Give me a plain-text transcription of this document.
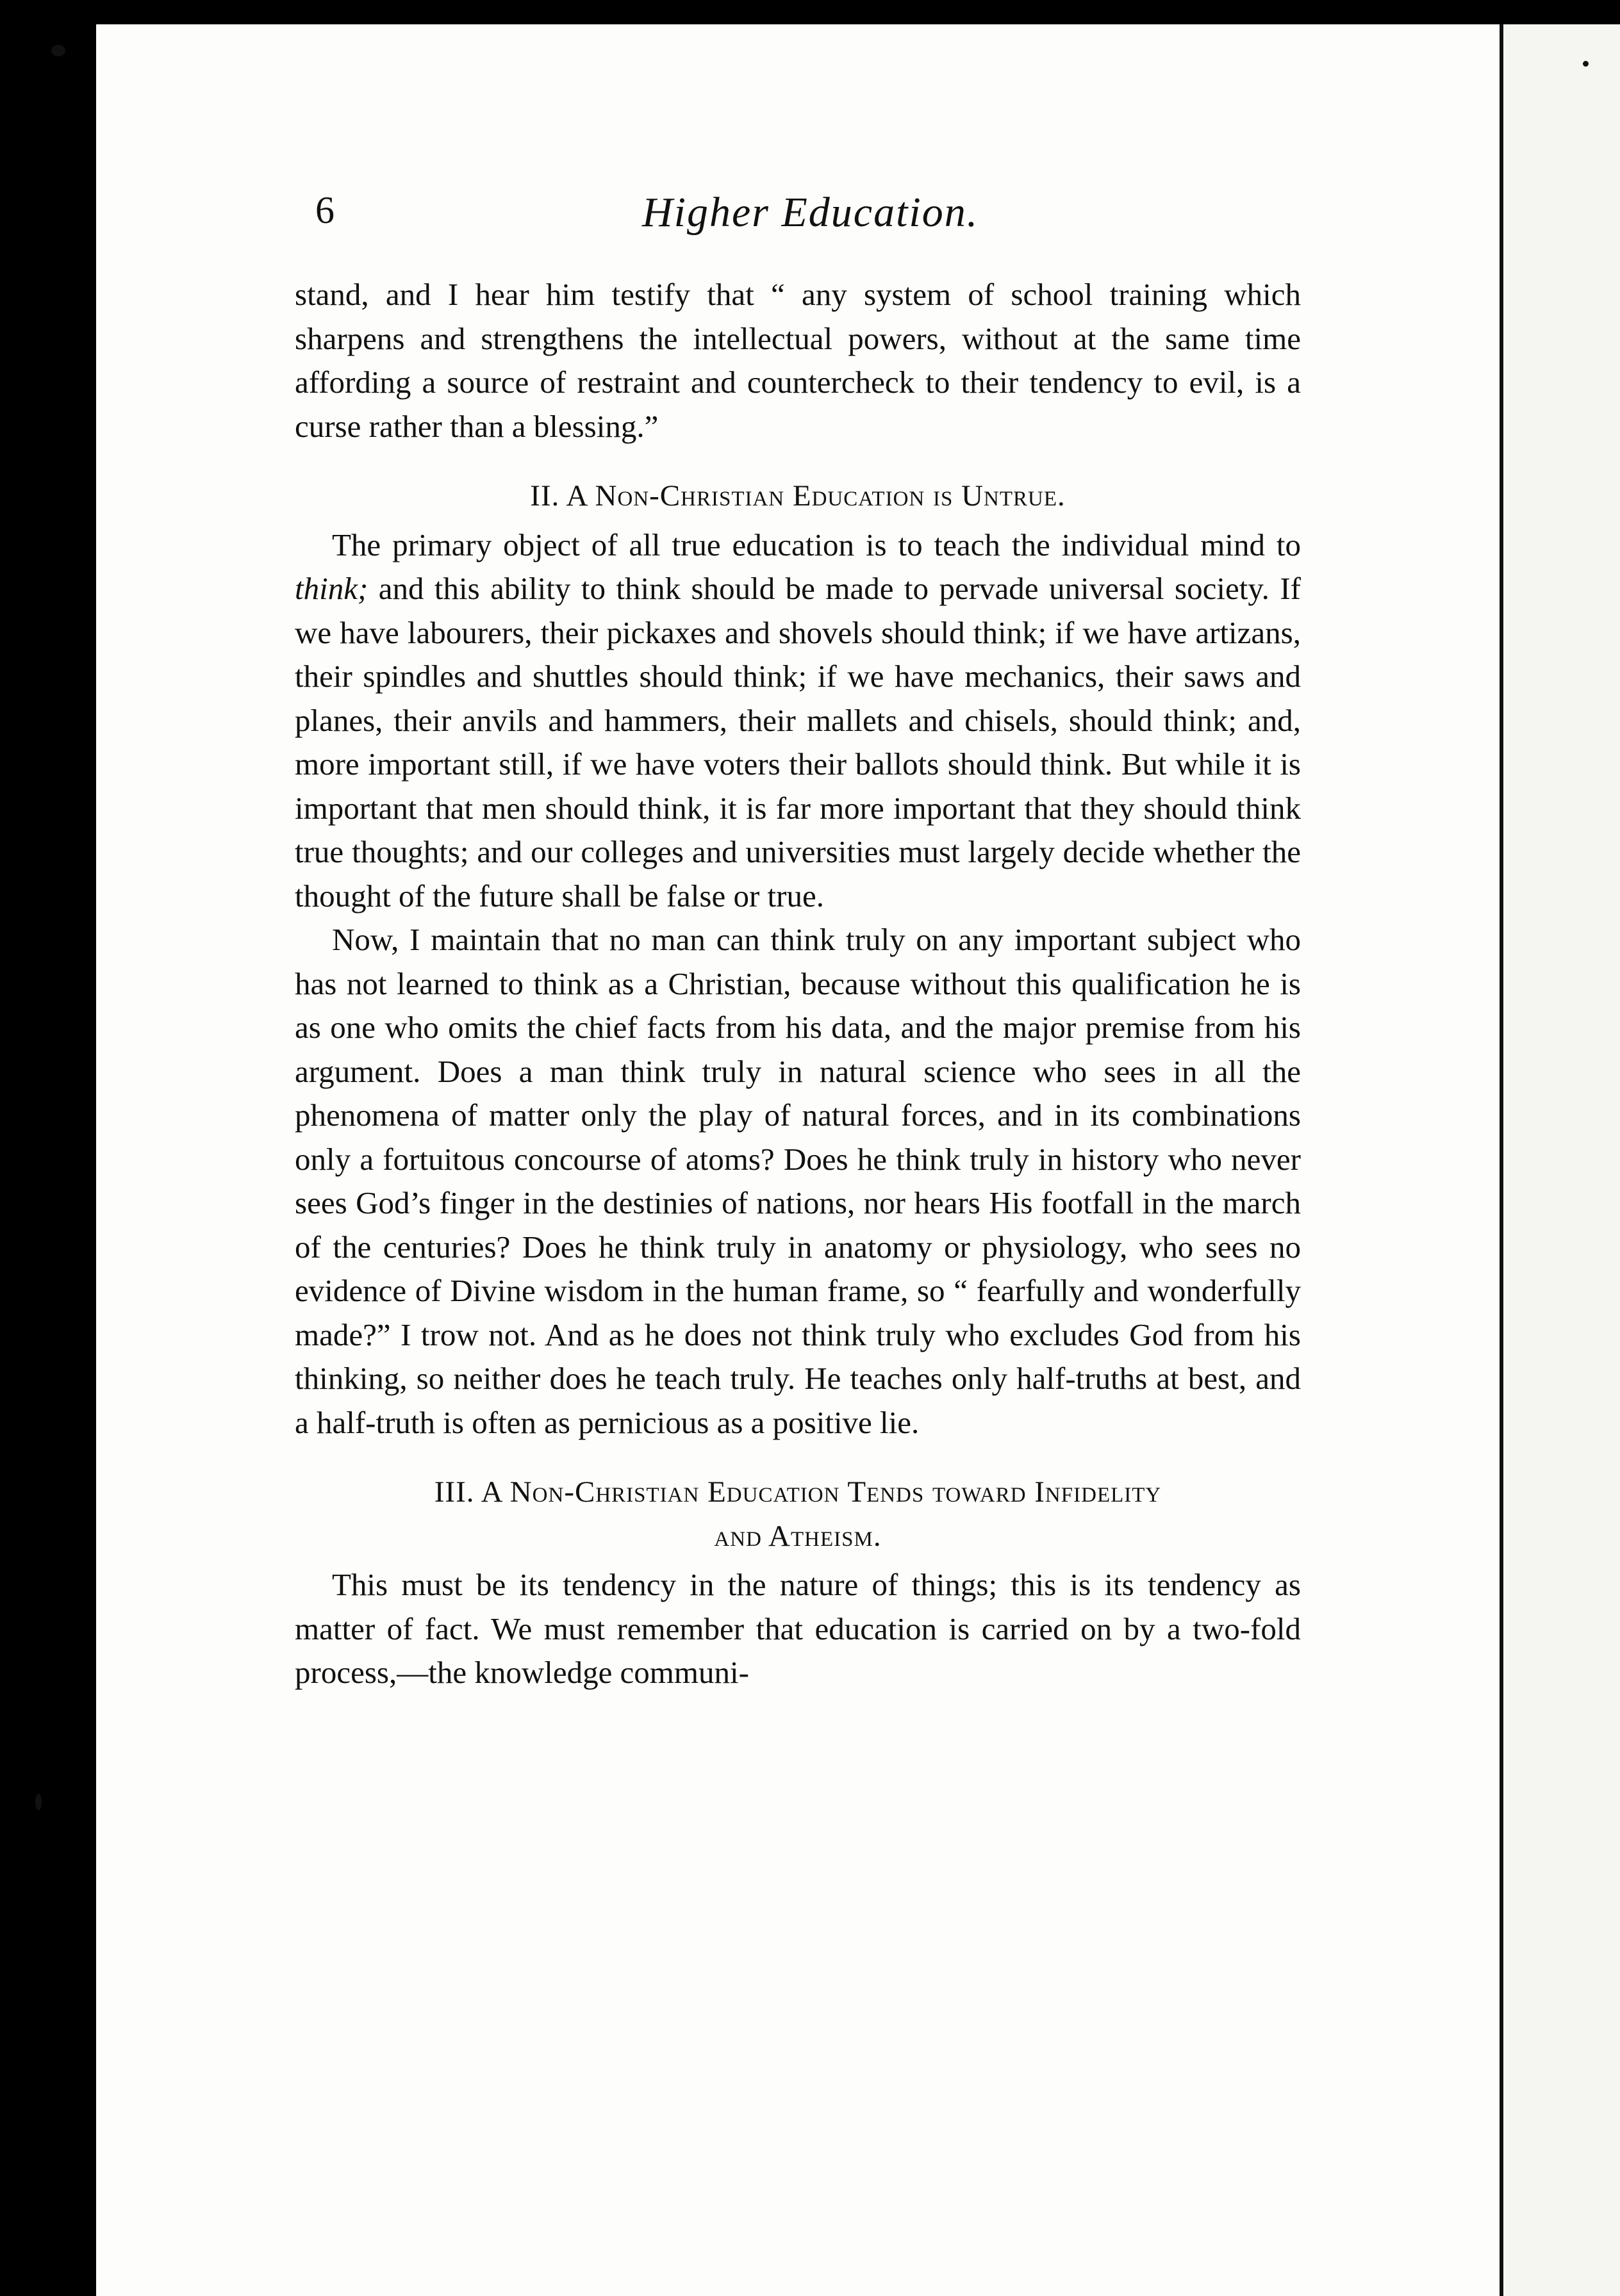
6	Higher Education.

stand, and I hear him testify that “ any system of school training which sharpens and strengthens the intellectual powers, without at the same time affording a source of restraint and countercheck to their tendency to evil, is a curse rather than a blessing.”

II. A Non-Christian Education is Untrue.

The primary object of all true education is to teach the individual mind to think; and this ability to think should be made to pervade universal society. If we have labourers, their pickaxes and shovels should think; if we have artizans, their spindles and shuttles should think; if we have mechanics, their saws and planes, their anvils and hammers, their mallets and chisels, should think; and, more important still, if we have voters their ballots should think. But while it is important that men should think, it is far more important that they should think true thoughts; and our colleges and universities must largely decide whether the thought of the future shall be false or true.

Now, I maintain that no man can think truly on any important subject who has not learned to think as a Christian, because without this qualification he is as one who omits the chief facts from his data, and the major premise from his argument. Does a man think truly in natural science who sees in all the phenomena of matter only the play of natural forces, and in its combinations only a fortuitous concourse of atoms? Does he think truly in history who never sees God’s finger in the destinies of nations, nor hears His footfall in the march of the centuries? Does he think truly in anatomy or physiology, who sees no evidence of Divine wisdom in the human frame, so “ fearfully and wonderfully made?” I trow not. And as he does not think truly who excludes God from his thinking, so neither does he teach truly. He teaches only half-truths at best, and a half-truth is often as pernicious as a positive lie.

III. A Non-Christian Education Tends toward Infidelity
and Atheism.

This must be its tendency in the nature of things; this is its tendency as matter of fact. We must remember that education is carried on by a two-fold process,—the knowledge communi-
